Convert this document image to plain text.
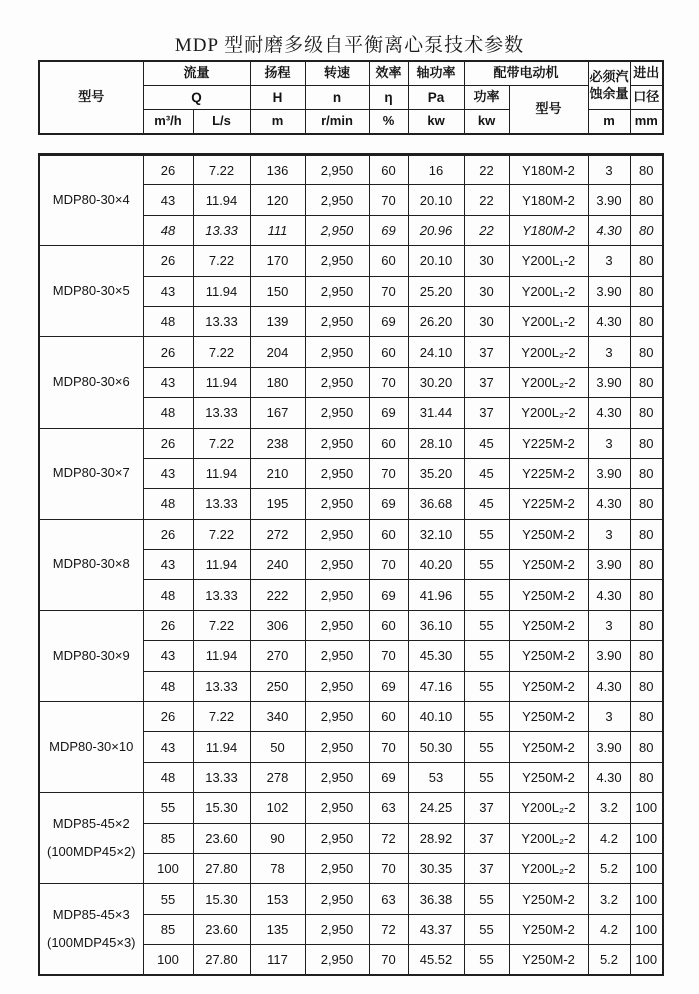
MDP 型耐磨多级自平衡离心泵技术参数
型号	流量		扬程	转速	效率	轴功率	配带电动机		必须汽蚀余量	进出
	Q		H	n	η	Pa	功率	型号		口径
	m³/h	L/s	m	r/min	%	kw	kw		m	mm
MDP80-30×4	26	7.22	136	2,950	60	16	22	Y180M-2	3	80
	43	11.94	120	2,950	70	20.10	22	Y180M-2	3.90	80
	48	13.33	111	2,950	69	20.96	22	Y180M-2	4.30	80

MDP80-30×5	26	7.22	170	2,950	60	20.10	30	Y200L₁-2	3	80
	43	11.94	150	2,950	70	25.20	30	Y200L₁-2	3.90	80
	48	13.33	139	2,950	69	26.20	30	Y200L₁-2	4.30	80

MDP80-30×6	26	7.22	204	2,950	60	24.10	37	Y200L₂-2	3	80
	43	11.94	180	2,950	70	30.20	37	Y200L₂-2	3.90	80
	48	13.33	167	2,950	69	31.44	37	Y200L₂-2	4.30	80

MDP80-30×7	26	7.22	238	2,950	60	28.10	45	Y225M-2	3	80
	43	11.94	210	2,950	70	35.20	45	Y225M-2	3.90	80
	48	13.33	195	2,950	69	36.68	45	Y225M-2	4.30	80

MDP80-30×8	26	7.22	272	2,950	60	32.10	55	Y250M-2	3	80
	43	11.94	240	2,950	70	40.20	55	Y250M-2	3.90	80
	48	13.33	222	2,950	69	41.96	55	Y250M-2	4.30	80

MDP80-30×9	26	7.22	306	2,950	60	36.10	55	Y250M-2	3	80
	43	11.94	270	2,950	70	45.30	55	Y250M-2	3.90	80
	48	13.33	250	2,950	69	47.16	55	Y250M-2	4.30	80

MDP80-30×10	26	7.22	340	2,950	60	40.10	55	Y250M-2	3	80
	43	11.94	50	2,950	70	50.30	55	Y250M-2	3.90	80
	48	13.33	278	2,950	69	53	55	Y250M-2	4.30	80

MDP85-45×2
(100MDP45×2)	55	15.30	102	2,950	63	24.25	37	Y200L₂-2	3.2	100
	85	23.60	90	2,950	72	28.92	37	Y200L₂-2	4.2	100
	100	27.80	78	2,950	70	30.35	37	Y200L₂-2	5.2	100

MDP85-45×3
(100MDP45×3)	55	15.30	153	2,950	63	36.38	55	Y250M-2	3.2	100
	85	23.60	135	2,950	72	43.37	55	Y250M-2	4.2	100
	100	27.80	117	2,950	70	45.52	55	Y250M-2	5.2	100
